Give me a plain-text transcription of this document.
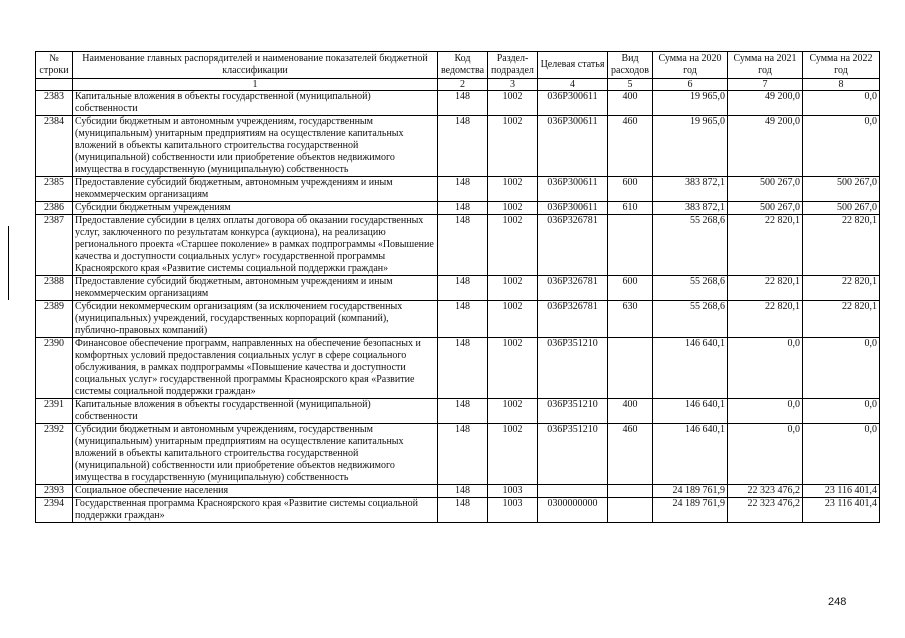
№ строки	Наименование главных распорядителей и наименование показателей бюджетной классификации	Код ведомства	Раздел-подраздел	Целевая статья	Вид расходов	Сумма на 2020 год	Сумма на 2021 год	Сумма на 2022 год
	1	2	3	4	5	6	7	8
2383	Капитальные вложения в объекты государственной (муниципальной) собственности	148	1002	036P300611	400	19 965,0	49 200,0	0,0
2384	Субсидии бюджетным и автономным учреждениям, государственным (муниципальным) унитарным предприятиям на осуществление капитальных вложений в объекты капитального строительства государственной (муниципальной) собственности или приобретение объектов недвижимого имущества в государственную (муниципальную) собственность	148	1002	036P300611	460	19 965,0	49 200,0	0,0
2385	Предоставление субсидий бюджетным, автономным учреждениям и иным некоммерческим организациям	148	1002	036P300611	600	383 872,1	500 267,0	500 267,0
2386	Субсидии бюджетным учреждениям	148	1002	036P300611	610	383 872,1	500 267,0	500 267,0
2387	Предоставление субсидии в целях оплаты договора об оказании государственных услуг, заключенного по результатам конкурса (аукциона), на реализацию регионального проекта «Старшее поколение» в рамках подпрограммы «Повышение качества и доступности социальных услуг» государственной программы Красноярского края «Развитие системы социальной поддержки граждан»	148	1002	036P326781		55 268,6	22 820,1	22 820,1
2388	Предоставление субсидий бюджетным, автономным учреждениям и иным некоммерческим организациям	148	1002	036P326781	600	55 268,6	22 820,1	22 820,1
2389	Субсидии некоммерческим организациям (за исключением государственных (муниципальных) учреждений, государственных корпораций (компаний), публично-правовых компаний)	148	1002	036P326781	630	55 268,6	22 820,1	22 820,1
2390	Финансовое обеспечение программ, направленных на обеспечение безопасных и комфортных условий предоставления социальных услуг в сфере социального обслуживания, в рамках подпрограммы «Повышение качества и доступности социальных услуг» государственной программы Красноярского края «Развитие системы социальной поддержки граждан»	148	1002	036P351210		146 640,1	0,0	0,0
2391	Капитальные вложения в объекты государственной (муниципальной) собственности	148	1002	036P351210	400	146 640,1	0,0	0,0
2392	Субсидии бюджетным и автономным учреждениям, государственным (муниципальным) унитарным предприятиям на осуществление капитальных вложений в объекты капитального строительства государственной (муниципальной) собственности или приобретение объектов недвижимого имущества в государственную (муниципальную) собственность	148	1002	036P351210	460	146 640,1	0,0	0,0
2393	Социальное обеспечение населения	148	1003			24 189 761,9	22 323 476,2	23 116 401,4
2394	Государственная программа Красноярского края «Развитие системы социальной поддержки граждан»	148	1003	0300000000		24 189 761,9	22 323 476,2	23 116 401,4
248
